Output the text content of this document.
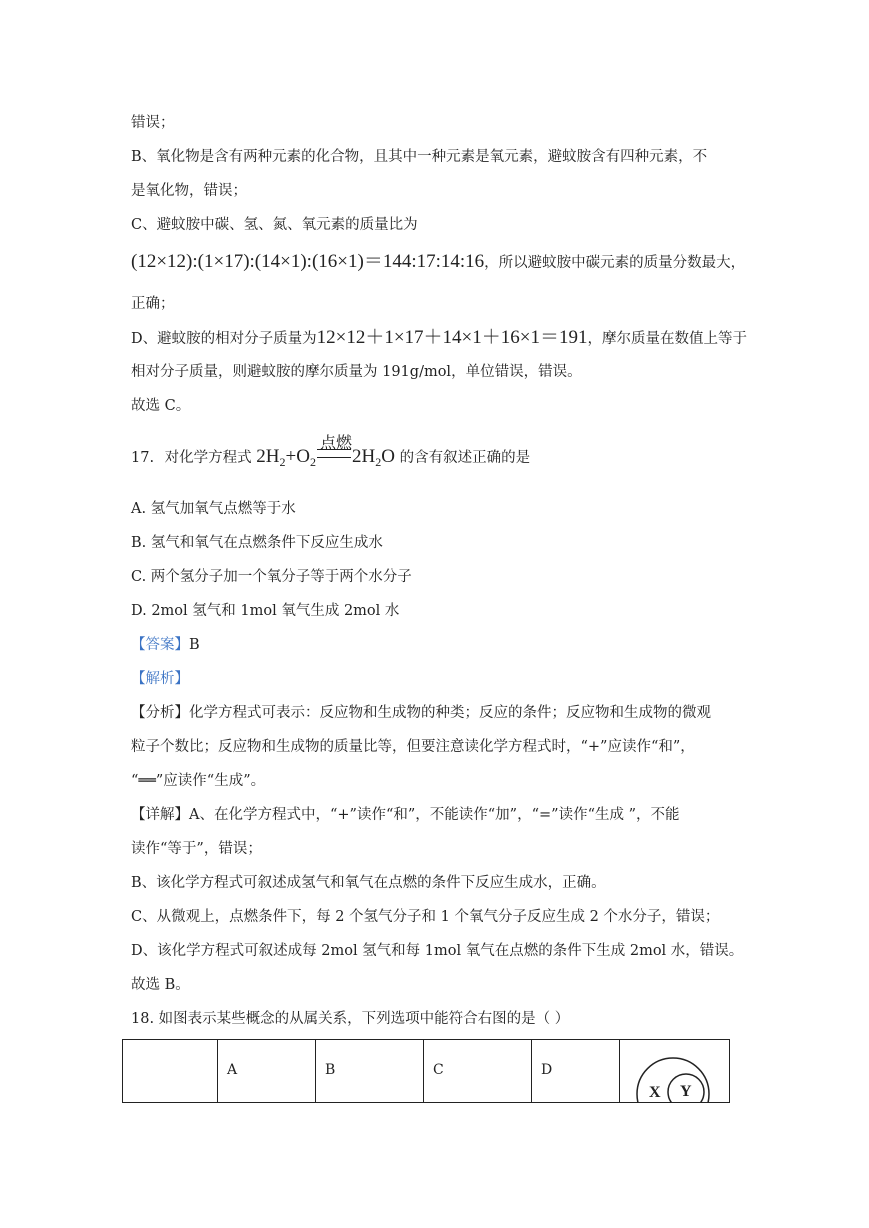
错误；
B、氧化物是含有两种元素的化合物，且其中一种元素是氧元素，避蚊胺含有四种元素，不
是氧化物，错误；
C、避蚊胺中碳、氢、氮、氧元素的质量比为
(12×12):(1×17):(14×1):(16×1)＝144:17:14:16，所以避蚊胺中碳元素的质量分数最大，
正确；
D、避蚊胺的相对分子质量为12×12＋1×17＋14×1＋16×1＝191，摩尔质量在数值上等于
相对分子质量，则避蚊胺的摩尔质量为 191g/mol，单位错误，错误。
故选 C。
点燃
17. 对化学方程式 $2H_2+O_2$ $2H_2O$ 的含有叙述正确的是
A. 氢气加氧气点燃等于水
B. 氢气和氧气在点燃条件下反应生成水
C. 两个氢分子加一个氧分子等于两个水分子
D. 2mol 氢气和 1mol 氧气生成 2mol 水
【答案】B
【解析】
【分析】化学方程式可表示：反应物和生成物的种类；反应的条件；反应物和生成物的微观
粒子个数比；反应物和生成物的质量比等，但要注意读化学方程式时，“+”应读作“和”，
“══”应读作“生成”。
【详解】A、在化学方程式中，“+”读作“和”，不能读作“加”，“=”读作“生成 ”，不能
读作“等于”，错误；
B、该化学方程式可叙述成氢气和氧气在点燃的条件下反应生成水，正确。
C、从微观上，点燃条件下，每 2 个氢气分子和 1 个氧气分子反应生成 2 个水分子，错误；
D、该化学方程式可叙述成每 2mol 氢气和每 1mol 氧气在点燃的条件下生成 2mol 水，错误。
故选 B。
18. 如图表示某些概念的从属关系，下列选项中能符合右图的是（ ）

A	B	C	D

X Y
